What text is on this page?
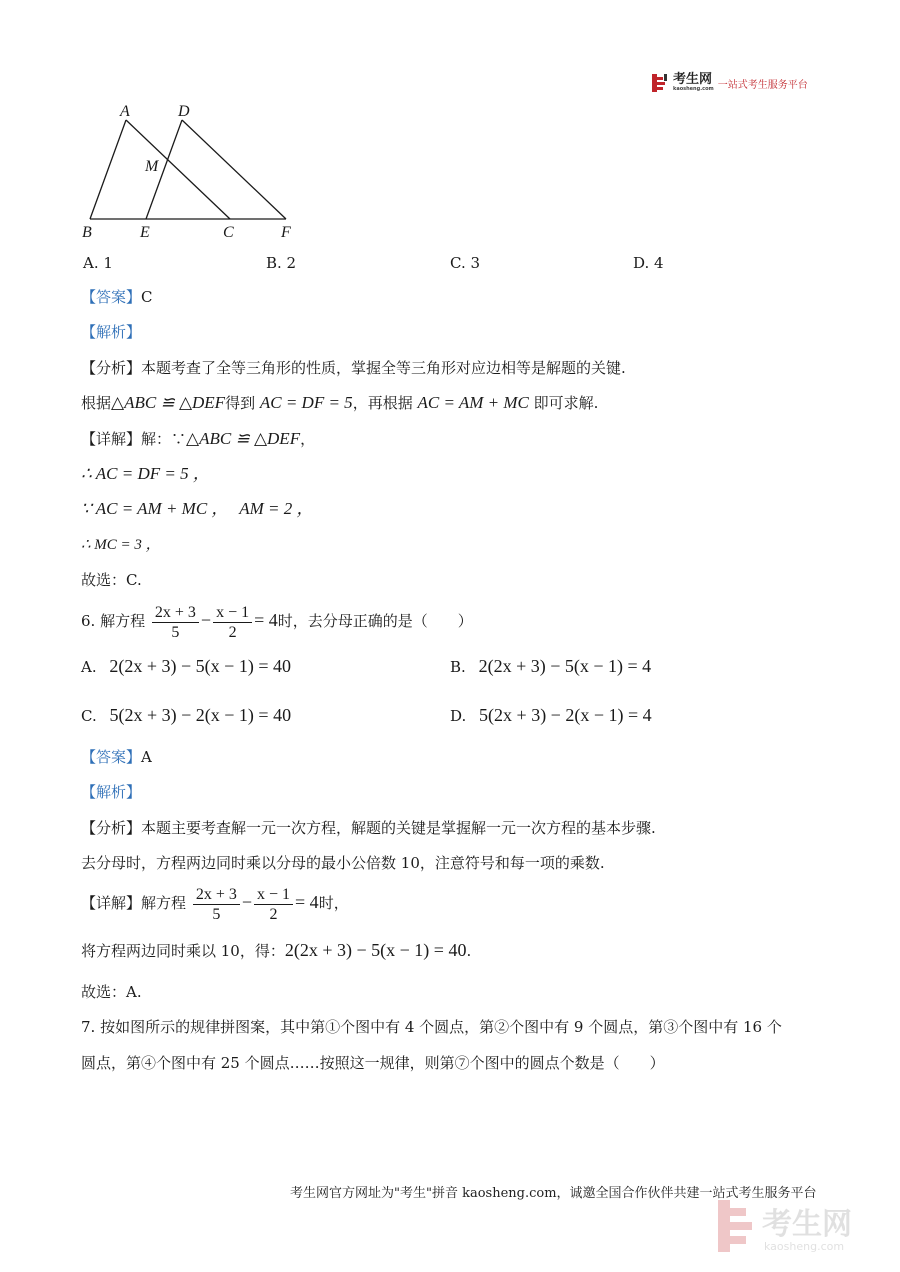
考生网
kaosheng.com 一站式考生服务平台
A	D
M
B	E	C	F
A. 1	B. 2	C. 3	D. 4
【答案】C
【解析】
【分析】本题考查了全等三角形的性质，掌握全等三角形对应边相等是解题的关键.
根据△ABC ≌ △DEF得到 AC = DF = 5，再根据 AC = AM + MC 即可求解.
【详解】解：∵△ABC ≌ △DEF，
∴ AC = DF = 5 ，
∵ AC = AM + MC ， AM = 2 ，
∴ MC = 3 ，
故选：C.
6. 解方程 $\frac{2x + 3}{5} - \frac{x - 1}{2} = 4$时，去分母正确的是（　　）
A. 2(2x + 3) − 5(x − 1) = 40	B. 2(2x + 3) − 5(x − 1) = 4
C. 5(2x + 3) − 2(x − 1) = 40	D. 5(2x + 3) − 2(x − 1) = 4
【答案】A
【解析】
【分析】本题主要考查解一元一次方程，解题的关键是掌握解一元一次方程的基本步骤.
去分母时，方程两边同时乘以分母的最小公倍数 10，注意符号和每一项的乘数.
【详解】解方程 $\frac{2x + 3}{5} - \frac{x - 1}{2} = 4$时，
将方程两边同时乘以 10，得：2(2x + 3) − 5(x − 1) = 40.
故选：A.
7. 按如图所示的规律拼图案，其中第①个图中有 4 个圆点，第②个图中有 9 个圆点，第③个图中有 16 个
圆点，第④个图中有 25 个圆点……按照这一规律，则第⑦个图中的圆点个数是（　　）
考生网官方网址为"考生"拼音 kaosheng.com，诚邀全国合作伙伴共建一站式考生服务平台
考生网
kaosheng.com
